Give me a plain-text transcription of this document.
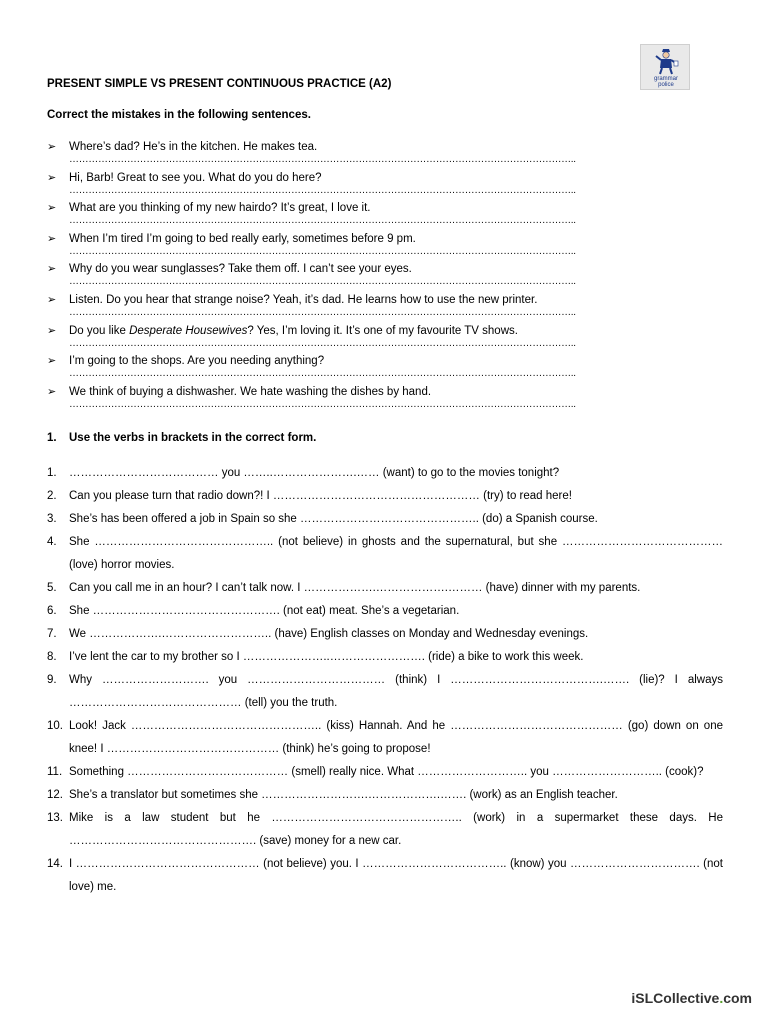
grammar
police
PRESENT SIMPLE VS PRESENT CONTINUOUS PRACTICE (A2)
Correct the mistakes in the following sentences.
➢ Where’s dad? He’s in the kitchen. He makes tea.
…………………………………………………………………………………………………………………………………………..
➢ Hi, Barb! Great to see you. What do you do here?
…………………………………………………………………………………………………………………………………………..
➢ What are you thinking of my new hairdo? It’s great, I love it.
…………………………………………………………………………………………………………………………………………..
➢ When I’m tired I’m going to bed really early, sometimes before 9 pm.
…………………………………………………………………………………………………………………………………………..
➢ Why do you wear sunglasses? Take them off. I can’t see your eyes.
…………………………………………………………………………………………………………………………………………..
➢ Listen. Do you hear that strange noise? Yeah, it’s dad. He learns how to use the new printer.
…………………………………………………………………………………………………………………………………………..
➢ Do you like Desperate Housewives? Yes, I’m loving it. It’s one of my favourite TV shows.
…………………………………………………………………………………………………………………………………………..
➢ I’m going to the shops. Are you needing anything?
…………………………………………………………………………………………………………………………………………..
➢ We think of buying a dishwasher. We hate washing the dishes by hand.
…………………………………………………………………………………………………………………………………………..
1. Use the verbs in brackets in the correct form.
1.	………………………………… you ……..………………….…… (want) to go to the movies tonight?
2.	Can you please turn that radio down?! I ……………………………………………… (try) to read here!
3.	She’s has been offered a job in Spain so she ……………………………………….. (do) a Spanish course.
4.	She ……………………………………….. (not believe) in ghosts and the supernatural, but she …………………………………… (love) horror movies.
5.	Can you call me in an hour? I can’t talk now. I ……………….……………….……… (have) dinner with my parents.
6.	She …………………………………………. (not eat) meat. She’s a vegetarian.
7.	We ……………….……………………….. (have) English classes on Monday and Wednesday evenings.
8.	I’ve lent the car to my brother so I …………………..……………………. (ride) a bike to work this week.
9.	Why ………………………. you ……………………………… (think) I ………………………………….……. (lie)? I always ……………………………………… (tell) you the truth.
10. Look! Jack ………………………………………….. (kiss) Hannah. And he ……………………………………… (go) down on one knee! I ……………………………………… (think) he’s going to propose!
11. Something …………………………………… (smell) really nice. What ……………………….. you ……………………….. (cook)?
12. She’s a translator but sometimes she ……………………….……………….……. (work) as an English teacher.
13. Mike is a law student but he ………………………………………….. (work) in a supermarket these days. He …………………………………………. (save) money for a new car.
14. I ………………………………………… (not believe) you. I ……………………………….. (know) you ……………………………. (not love) me.
iSLCollective.com
